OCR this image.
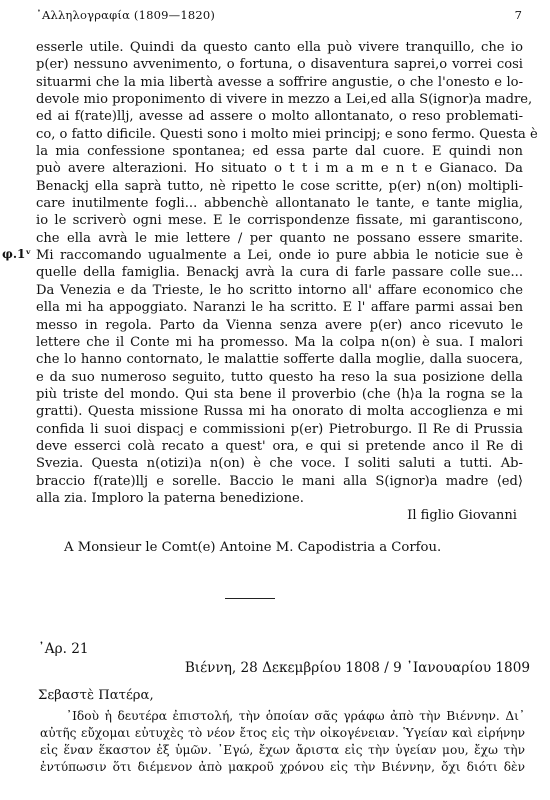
᾿Αλληλογραφία (1809—1820)	7
φ.1ᵛ
esserle utile. Quindi da questo canto ella può vivere tranquillo, che io
p(er) nessuno avvenimento, o fortuna, o disaventura saprei,o vorrei cosi
situarmi che la mia libertà avesse a soffrire angustie, o che l'onesto e lo-
devole mio proponimento di vivere in mezzo a Lei,ed alla S(ignor)a madre,
ed ai f(rate)llj, avesse ad assere o molto allontanato, o reso problemati-
co, o fatto dificile. Questi sono i molto miei principj; e sono fermo. Questa è
la mia confessione spontanea; ed essa parte dal cuore. E quindi non
può avere alterazioni. Ho situato o t t i m a m e n t e Gianaco. Da
Benackj ella saprà tutto, nè ripetto le cose scritte, p(er) n(on) moltipli-
care inutilmente fogli... abbenchè allontanato le tante, e tante miglia,
io le scriverò ogni mese. E le corrispondenze fissate, mi garantiscono,
che ella avrà le mie lettere / per quanto ne possano essere smarite.
Mi raccomando ugualmente a Lei, onde io pure abbia le noticie sue è
quelle della famiglia. Benackj avrà la cura di farle passare colle sue...
Da Venezia e da Trieste, le ho scritto intorno all' affare economico che
ella mi ha appoggiato. Naranzi le ha scritto. E l' affare parmi assai ben
messo in regola. Parto da Vienna senza avere p(er) anco ricevuto le
lettere che il Conte mi ha promesso. Ma la colpa n(on) è sua. I malori
che lo hanno contornato, le malattie sofferte dalla moglie, dalla suocera,
e da suo numeroso seguito, tutto questo ha reso la sua posizione della
più triste del mondo. Qui sta bene il proverbio (che ⟨h⟩a la rogna se la
gratti). Questa missione Russa mi ha onorato di molta accoglienza e mi
confida li suoi dispacj e commissioni p(er) Pietroburgo. Il Re di Prussia
deve esserci colà recato a quest' ora, e qui si pretende anco il Re di
Svezia. Questa n(otizi)a n(on) è che voce. I soliti saluti a tutti. Ab-
braccio f(rate)llj e sorelle. Baccio le mani alla S(ignor)a madre ⟨ed⟩
alla zia. Imploro la paterna benedizione.
Il figlio Giovanni
A Monsieur le Comt(e) Antoine M. Capodistria a Corfou.
᾿Αρ. 21
Βιέννη, 28 Δεκεμβρίου 1808 / 9 ᾿Ιανουαρίου 1809
Σεβαστὲ Πατέρα,
᾿Ιδοὺ ἡ δευτέρα ἐπιστολή, τὴν ὁποίαν σᾶς γράφω ἀπὸ τὴν Βιέννην. Δι᾿
αὐτῆς εὔχομαι εὐτυχὲς τὸ νέον ἔτος εἰς τὴν οἰκογένειαν. Ὑγείαν καὶ εἰρήνην
εἰς ἕναν ἕκαστον ἐξ ὑμῶν. ᾿Εγώ, ἔχων ἄριστα εἰς τὴν ὑγείαν μου, ἔχω τὴν
ἐντύπωσιν ὅτι διέμενον ἀπὸ μακροῦ χρόνου εἰς τὴν Βιέννην, ὄχι διότι δὲν
